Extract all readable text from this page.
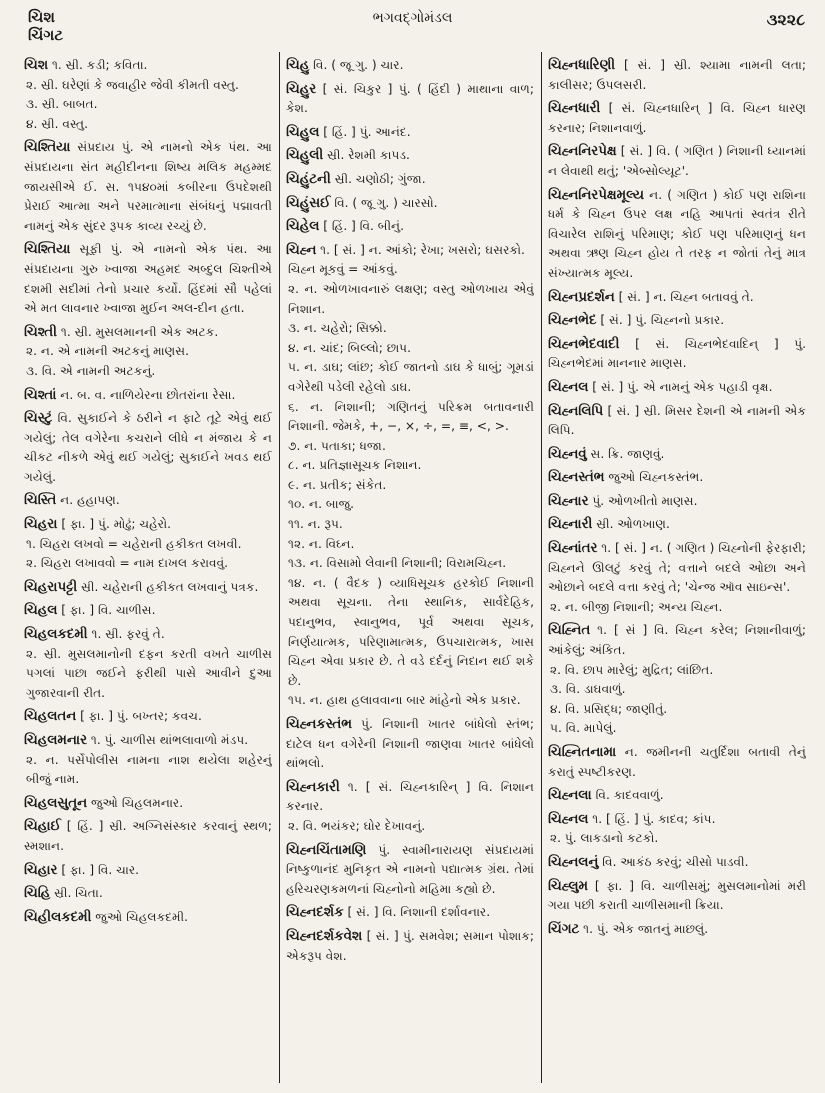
ચિશ
ચિંગટ
ભગવદ્ગોમંડલ	૩૨૨૮

ચિશ ૧. સ્રી. કડી; કવિતા.

૨. સ્રી. ઘરેણાં કે જવાહીર જેવી કીમતી વસ્તુ.

૩. સ્રી. બાબત.

૪. સ્રી. વસ્તુ.

ચિશ્તિયા સંપ્રદાય પું. એ નામનો એક પંથ. આ સંપ્રદાયના સંત મહીદીનના શિષ્ય મલિક મહમ્મદ જાયસીએ ઈ. સ. ૧૫૪૦માં કબીરના ઉપદેશથી પ્રેરાઈ આત્મા અને પરમાત્માના સંબંધનું પદ્માવતી નામનું એક સુંદર રૂપક કાવ્ય રચ્યું છે.

ચિશ્તિયા સૂફી પું. એ નામનો એક પંથ. આ સંપ્રદાયના ગુરુ ખ્વાજા અહમદ અબ્દુલ ચિશ્તીએ દશમી સદીમાં તેનો પ્રચાર કર્યો. હિંદમાં સૌ પહેલાં એ મત લાવનાર ખ્વાજા મુઈન અલ-દીન હતા.

ચિશ્તી ૧. સ્રી. મુસલમાનની એક અટક.

૨. ન. એ નામની અટકનું માણસ.

૩. વિ. એ નામની અટકનું.

ચિશ્તાં ન. બ. વ. નાળિયેરના છોતરાંના રેસા.

ચિસ્ટું વિ. સુકાઈને કે ઠરીને ન ફાટે તૂટે એવું થઈ ગયેલું; તેલ વગેરેના કચરાને લીધે ન મંજાય કે ન ચીકટ નીકળે એવું થઈ ગયેલું; સુકાઈને ખવડ થઈ ગયેલું.

ચિસ્તિ ન. હહાપણ.

ચિહરા [ ફા. ] પું. મોઢું; ચહેરો.

૧. ચિહરા લખવો = ચહેરાની હકીકત લખવી.

૨. ચિહરા લખાવવો = નામ દાખલ કરાવવું.

ચિહરાપટ્ટી સ્રી. ચહેરાની હકીકત લખવાનું પત્રક.

ચિહલ [ ફા. ] વિ. ચાળીસ.

ચિહલકદમી ૧. સ્રી. ફરવું તે.

૨. સ્રી. મુસલમાનોની દફન કરતી વખતે ચાળીસ પગલાં પાછા જઈને ફરીથી પાસે આવીને દુઆ ગુજારવાની રીત.

ચિહલતન [ ફા. ] પું. બખ્તર; કવચ.

ચિહલમનાર ૧. પું. ચાળીસ થાંભલાવાળો મંડપ.

૨. ન. પર્સેપોલીસ નામના નાશ થયેલા શહેરનું બીજું નામ.

ચિહલસુતૂન જુઓ ચિહલમનાર.

ચિહાઈ [ હિં. ] સ્રી. અગ્નિસંસ્કાર કરવાનું સ્થળ; સ્મશાન.

ચિહાર [ ફા. ] વિ. ચાર.

ચિહિ સ્રી. ચિતા.

ચિહીલકદમી જુઓ ચિહલકદમી.

ચિહુ વિ. ( જૂ ગુ. ) ચાર.

ચિહુર [ સં. ચિકુર ] પું. ( હિંદી ) માથાના વાળ; કેશ.

ચિહુલ [ હિં. ] પું. આનંદ.

ચિહુલી સ્રી. રેશમી કાપડ.

ચિહુંટની સ્રી. ચણોઠી; ગુંજા.

ચિહુંસઈ વિ. ( જૂ ગુ. ) ચારસો.

ચિહેલ [ હિં. ] વિ. બીનું.

ચિહ્ન ૧. [ સં. ] ન. આંકો; રેખા; ખસરો; ઘસરકો.

ચિહ્ન મૂકવું = આંકવું.

૨. ન. ઓળખાવનારું લક્ષણ; વસ્તુ ઓળખાય એવું નિશાન.

૩. ન. ચહેરો; સિક્કો.

૪. ન. ચાંદ; બિલ્લો; છાપ.

૫. ન. ડાઘ; લાંછ; કોઈ જાતનો ડાઘ કે ધાબું; ગૂમડાં વગેરેથી પડેલી રહેલો ડાઘ.

૬. ન. નિશાની; ગણિતનું પરિક્રમ બતાવનારી નિશાની. જેમકે, +, −, ×, ÷, =, ≡, <, >.

૭. ન. પતાકા; ધજા.

૮. ન. પ્રતિજ્ઞાસૂચક નિશાન.

૯. ન. પ્રતીક; સંકેત.

૧૦. ન. બાજુ.

૧૧. ન. રૂપ.

૧૨. ન. વિઘ્ન.

૧૩. ન. વિસામો લેવાની નિશાની; વિરામચિહ્ન.

૧૪. ન. ( વૈદક ) વ્યાધિસૂચક હરકોઈ નિશાની અથવા સૂચના. તેના સ્થાનિક, સાર્વદેહિક, પદાનુભવ, સ્વાનુભવ, પૂર્વ અથવા સૂચક, નિર્ણયાત્મક, પરિણામાત્મક, ઉપચારાત્મક, ખાસ ચિહ્ન એવા પ્રકાર છે. તે વડે દર્દનું નિદાન થઈ શકે છે.

૧૫. ન. હાથ હલાવવાના બાર માંહેનો એક પ્રકાર.

ચિહ્નકસ્તંભ પું. નિશાની ખાતર બાંધેલો સ્તંભ; દાટેલ ધન વગેરેની નિશાની જાણવા ખાતર બાંધેલો થાંભલો.

ચિહ્નકારી ૧. [ સં. ચિહ્નકારિન્ ] વિ. નિશાન કરનાર.

૨. વિ. ભયંકર; ઘોર દેખાવનું.

ચિહ્નચિંતામણિ પું. સ્વામીનારાયણ સંપ્રદાયમાં નિષ્કુળાનંદ મુનિકૃત એ નામનો પદ્યાત્મક ગ્રંથ. તેમાં હરિચરણકમળનાં ચિહ્નોનો મહિમા કહ્યો છે.

ચિહ્નદર્શક [ સં. ] વિ. નિશાની દર્શાવનાર.

ચિહ્નદર્શકવેશ [ સં. ] પું. સમવેશ; સમાન પોશાક; એકરૂપ વેશ.

ચિહ્નધારિણી [ સં. ] સ્રી. શ્યામા નામની લતા; કાલીસર; ઉપલસરી.

ચિહ્નધારી [ સં. ચિહ્નધારિન્ ] વિ. ચિહ્ન ધારણ કરનાર; નિશાનવાળું.

ચિહ્નનિરપેક્ષ [ સં. ] વિ. ( ગણિત ) નિશાની ધ્યાનમાં ન લેવાથી થતું; 'એબ્સોલ્યૂટ'.

ચિહ્નનિરપેક્ષમૂલ્ય ન. ( ગણિત ) કોઈ પણ રાશિના ધર્મ કે ચિહ્ન ઉપર લક્ષ નહિ આપતાં સ્વતંત્ર રીતે વિચારેલ રાશિનું પરિમાણ; કોઈ પણ પરિમાણનું ધન અથવા ઋણ ચિહ્ન હોય તે તરફ ન જોતાં તેનું માત્ર સંખ્યાત્મક મૂલ્ય.

ચિહ્નપ્રદર્શન [ સં. ] ન. ચિહ્ન બતાવવું તે.

ચિહ્નભેદ [ સં. ] પું. ચિહ્નનો પ્રકાર.

ચિહ્નભેદવાદી [ સં. ચિહ્નભેદવાદિન્ ] પું. ચિહ્નભેદમાં માનનાર માણસ.

ચિહ્નલ [ સં. ] પું. એ નામનું એક પહાડી વૃક્ષ.

ચિહ્નલિપિ [ સં. ] સ્રી. મિસર દેશની એ નામની એક લિપિ.

ચિહ્નવું સ. ક્રિ. જાણવું.

ચિહ્નસ્તંભ જુઓ ચિહ્નકસ્તંભ.

ચિહ્નાર પું. ઓળખીતો માણસ.

ચિહ્નારી સ્રી. ઓળખાણ.

ચિહ્નાંતર ૧. [ સં. ] ન. ( ગણિત ) ચિહ્નોની ફેરફારી; ચિહ્નને ઊલટું કરવું તે; વત્તાને બદલે ઓછા અને ઓછાને બદલે વત્તા કરવું તે; 'ચેન્જ ઑવ સાઇન્સ'.

૨. ન. બીજી નિશાની; અન્ય ચિહ્ન.

ચિહ્નિત ૧. [ સં ] વિ. ચિહ્ન કરેલ; નિશાનીવાળું; આંકેલું; અંકિત.

૨. વિ. છાપ મારેલું; મુદ્રિત; લાંછિત.

૩. વિ. ડાઘવાળું.

૪. વિ. પ્રસિદ્ધ; જાણીતું.

૫. વિ. માપેલું.

ચિહ્નિતનામા ન. જમીનની ચતુર્દિશા બતાવી તેનું કરાતું સ્પષ્ટીકરણ.

ચિહ્નલા વિ. કાદવવાળું.

ચિહ્નલ ૧. [ હિં. ] પું. કાદવ; કાંપ.

૨. પું. લાકડાનો કટકો.

ચિહ્નલનું વિ. આકંઠ કરવું; ચીસો પાડવી.

ચિહ્લુમ [ ફા. ] વિ. ચાળીસમું; મુસલમાનોમાં મરી ગયા પછી કરાતી ચાળીસમાની ક્રિયા.

ચિંગટ ૧. પું. એક જાતનું માછલું.
